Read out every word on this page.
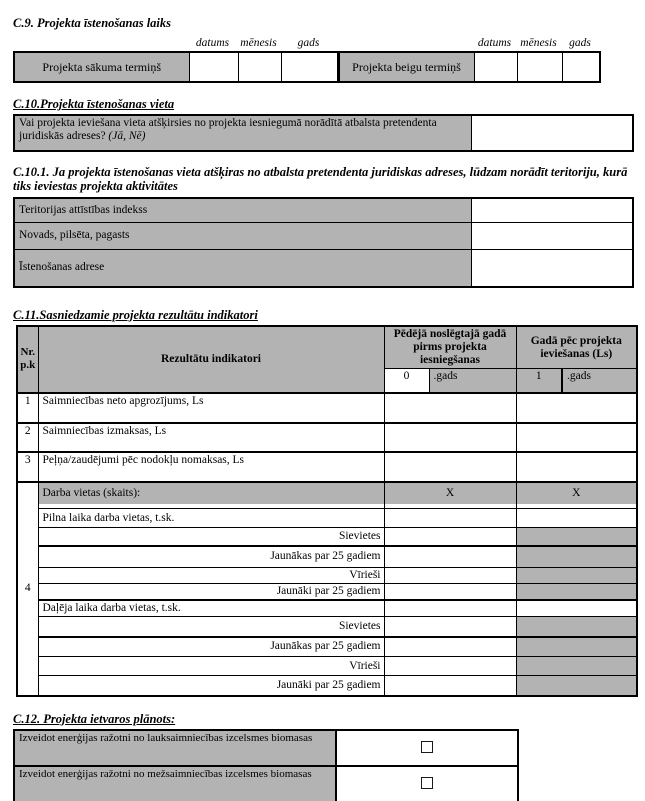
C.9. Projekta īstenošanas laiks
datums mēnesis	gads	datums mēnesis	gads
Projekta sākuma termiņš				Projekta beigu termiņš			
C.10.Projekta īstenošanas vieta
Vai projekta ieviešana vieta atšķirsies no projekta iesniegumā norādītā atbalsta pretendenta juridiskās adreses? (Jā, Nē)	
C.10.1. Ja projekta īstenošanas vieta atšķiras no atbalsta pretendenta juridiskas adreses, lūdzam norādīt teritoriju, kurā tiks ieviestas projekta aktivitātes
Teritorijas attīstības indekss	
Novads, pilsēta, pagasts	
Īstenošanas adrese	
C.11.Sasniedzamie projekta rezultātu indikatori
Nr.
p.k	Rezultātu indikatori	Pēdējā noslēgtajā gadā pirms projekta iesniegšanas		Gadā pēc projekta ieviešanas (Ls)	
		0	.gads	1	.gads
1	Saimniecības neto apgrozījums, Ls				
2	Saimniecības izmaksas, Ls				
3	Peļņa/zaudējumi pēc nodokļu nomaksas, Ls				
4	Darba vietas (skaits):	X		X	

	Pilna laika darba vietas, t.sk.				
	Sievietes				
	Jaunākas par 25 gadiem				
	Vīrieši				
	Jaunāki par 25 gadiem				
	Daļēja laika darba vietas, t.sk.				
	Sievietes				
	Jaunākas par 25 gadiem				
	Vīrieši				
	Jaunāki par 25 gadiem				
C.12. Projekta ietvaros plānots:
Izveidot enerģijas ražotni no lauksaimniecības izcelsmes biomasas	
Izveidot enerģijas ražotni no mežsaimniecības izcelsmes biomasas	
